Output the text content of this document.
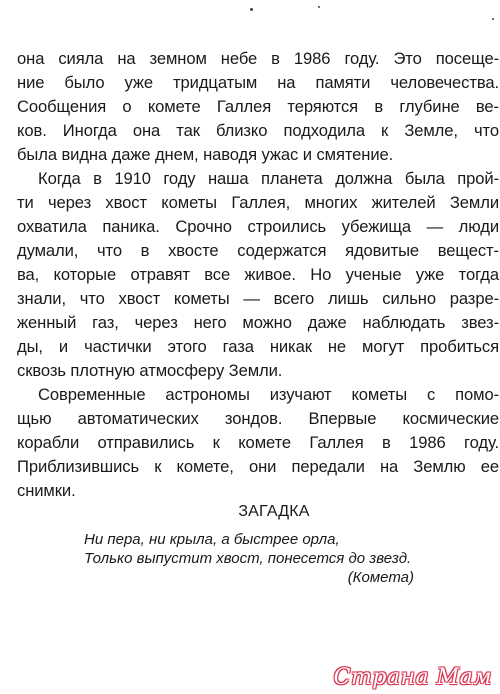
она сияла на земном небе в 1986 году. Это посеще-
ние было уже тридцатым на памяти человечества.
Сообщения о комете Галлея теряются в глубине ве-
ков. Иногда она так близко подходила к Земле, что
была видна даже днем, наводя ужас и смятение.
Когда в 1910 году наша планета должна была прой-
ти через хвост кометы Галлея, многих жителей Земли
охватила паника. Срочно строились убежища — люди
думали, что в хвосте содержатся ядовитые вещест-
ва, которые отравят все живое. Но ученые уже тогда
знали, что хвост кометы — всего лишь сильно разре-
женный газ, через него можно даже наблюдать звез-
ды, и частички этого газа никак не могут пробиться
сквозь плотную атмосферу Земли.
Современные астрономы изучают кометы с помо-
щью автоматических зондов. Впервые космические
корабли отправились к комете Галлея в 1986 году.
Приблизившись к комете, они передали на Землю ее
снимки.
ЗАГАДКА
Ни пера, ни крыла, а быстрее орла,
Только выпустит хвост, понесется до звезд.
(Комета)
Страна Мам
